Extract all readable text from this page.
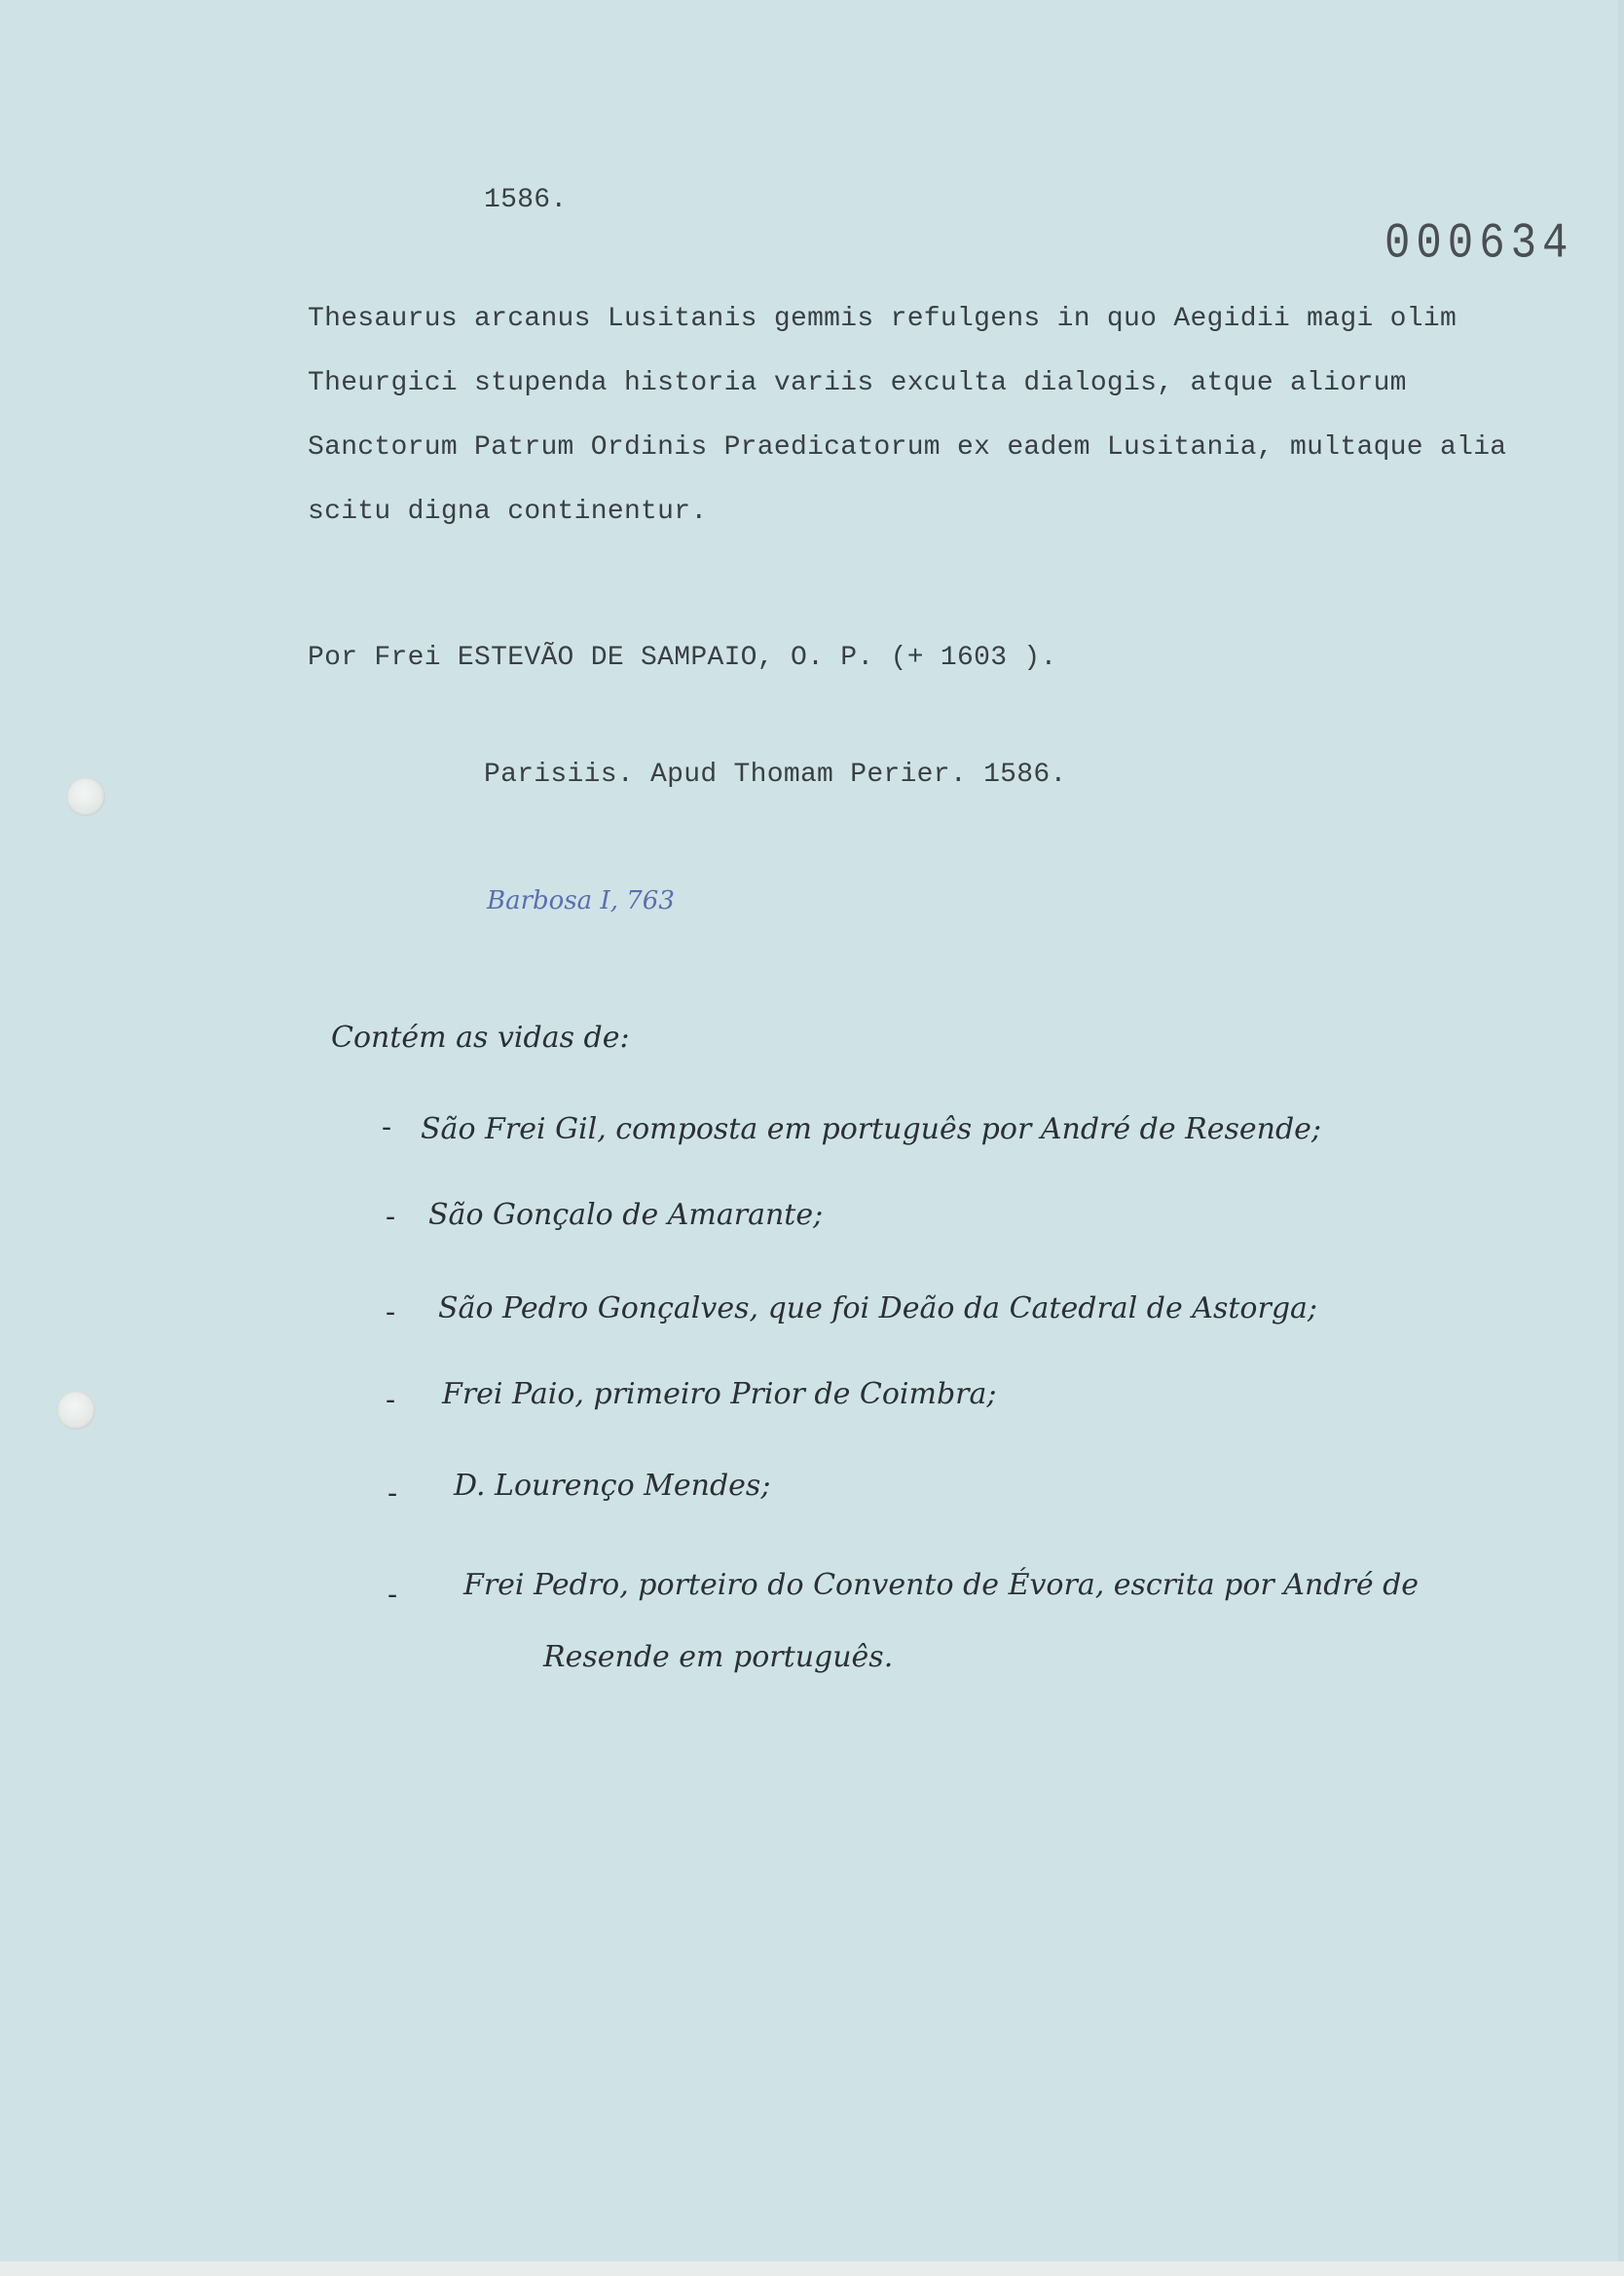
1586.
000634
Thesaurus arcanus Lusitanis gemmis refulgens in quo Aegidii magi olim
Theurgici stupenda historia variis exculta dialogis, atque aliorum
Sanctorum Patrum Ordinis Praedicatorum ex eadem Lusitania, multaque alia
scitu digna continentur.
Por Frei ESTEVÃO DE SAMPAIO, O. P. (+ 1603 ).
Parisiis. Apud Thomam Perier. 1586.
Barbosa I, 763
Contém as vidas de:
- São Frei Gil, composta em português por André de Resende;
- São Gonçalo de Amarante;
- São Pedro Gonçalves, que foi Deão da Catedral de Astorga;
- Frei Paio, primeiro Prior de Coimbra;
- D. Lourenço Mendes;
- Frei Pedro, porteiro do Convento de Évora, escrita por André de
Resende em português.
